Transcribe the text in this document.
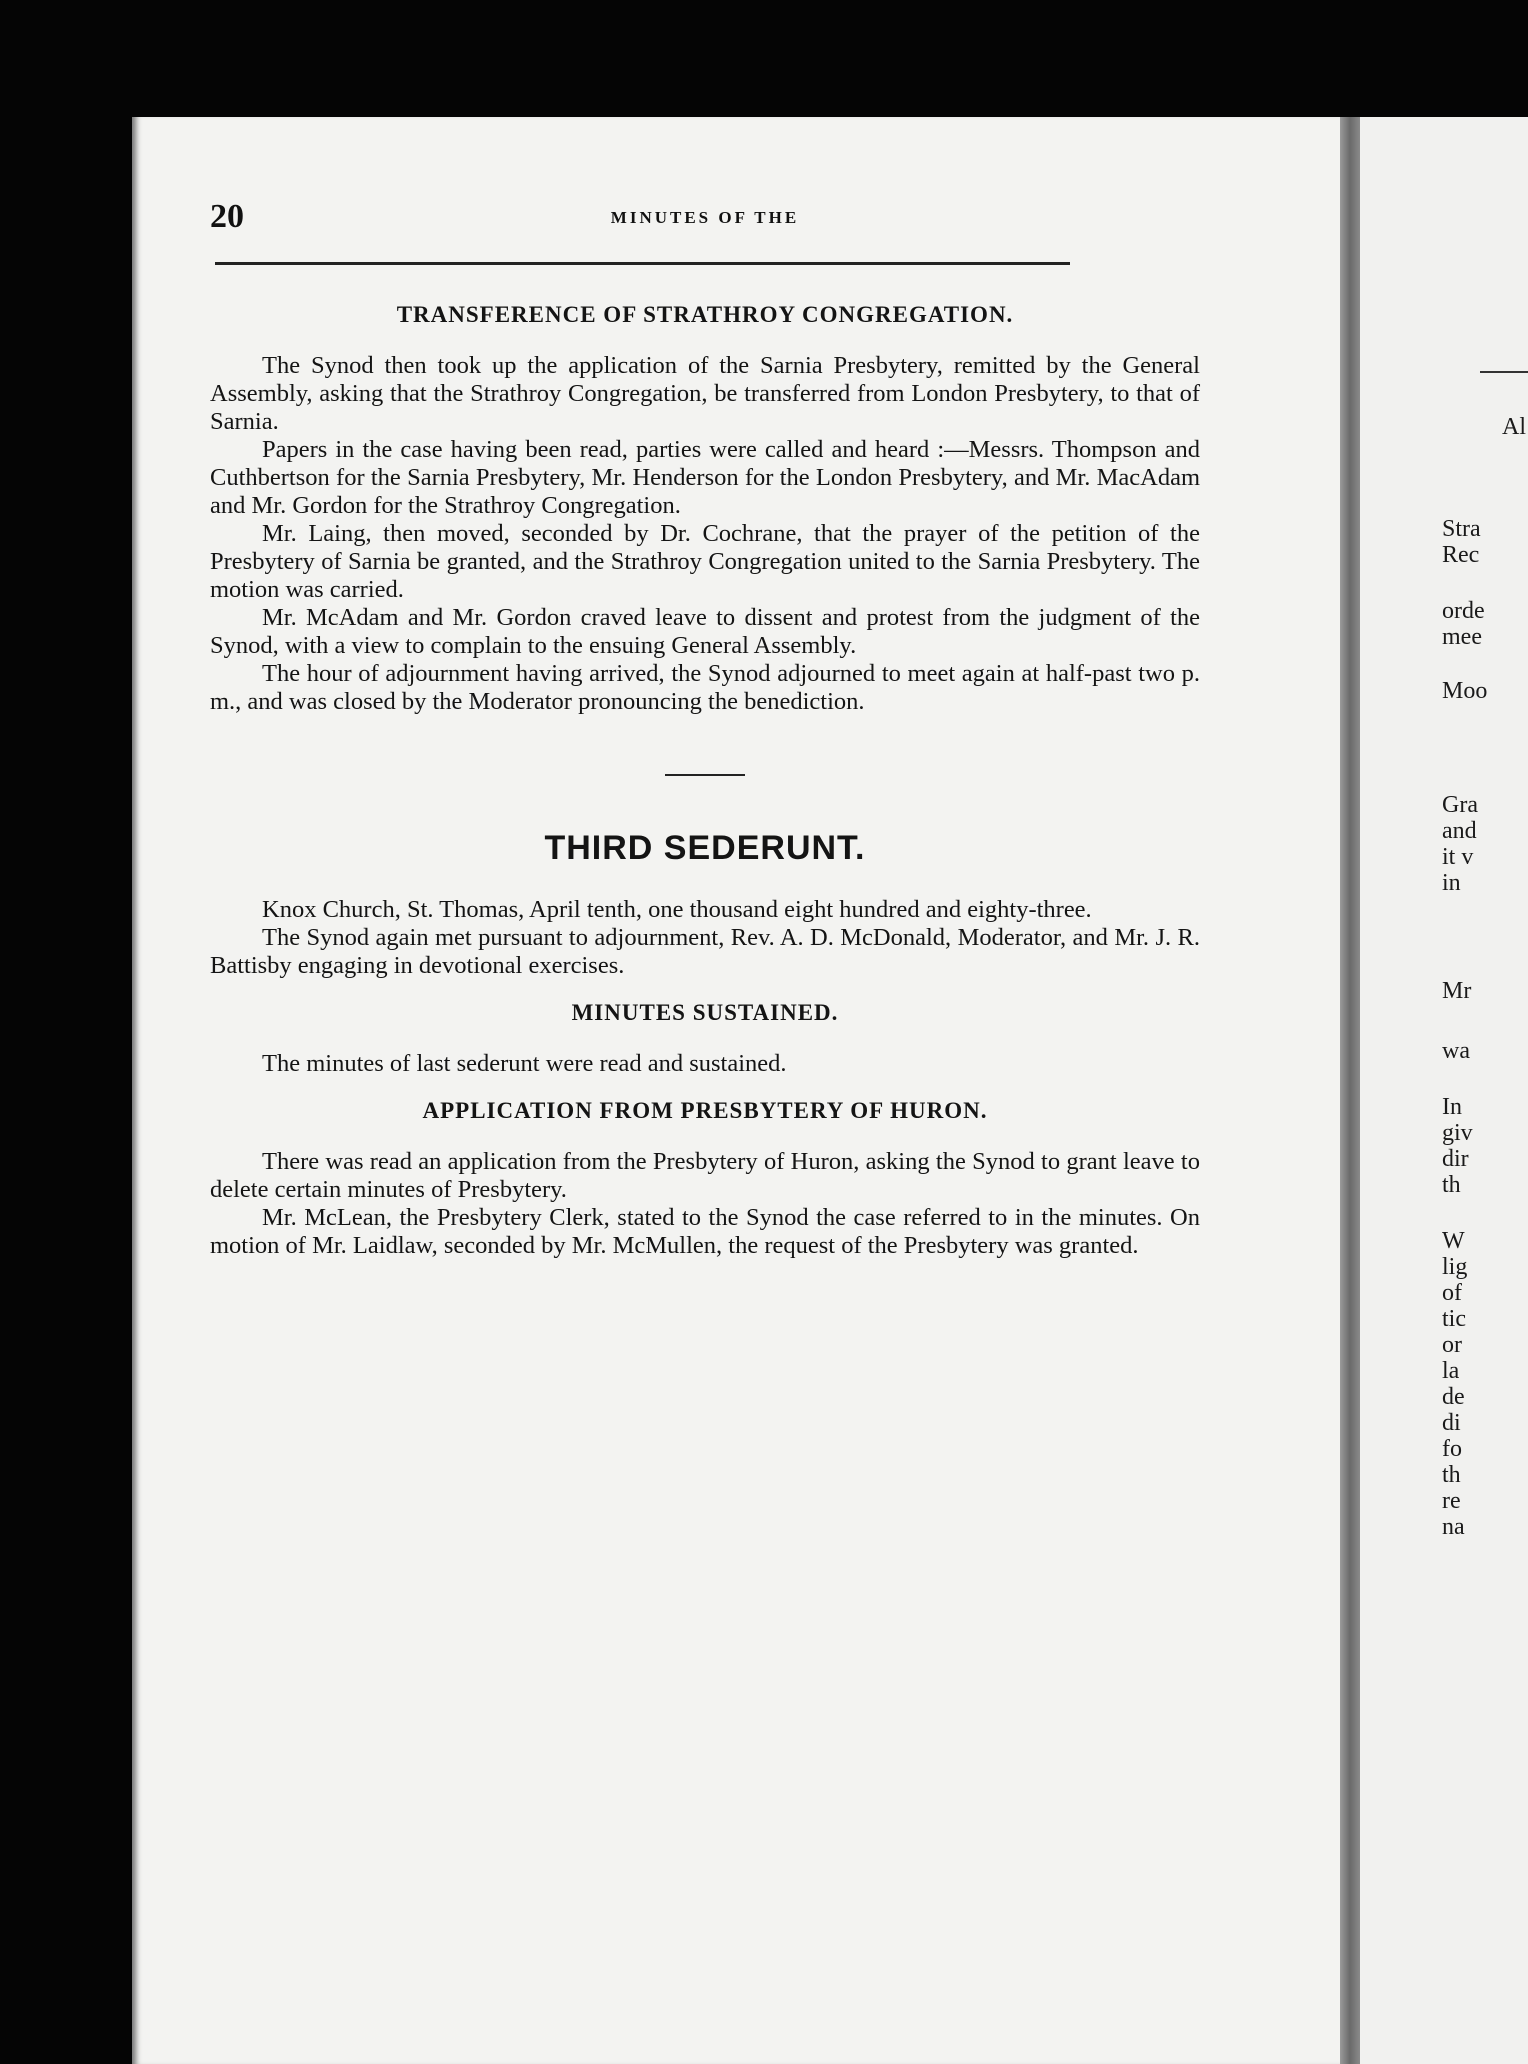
Al
Stra
Rec
orde
mee
Moo
Gra
and
it v
in
Mr
wa
In
giv
dir
th
W
lig
of
tic
or
la
de
di
fo
th
re
na
20	MINUTES OF THE
TRANSFERENCE OF STRATHROY CONGREGATION.

The Synod then took up the application of the Sarnia Presbytery, remitted by the General Assembly, asking that the Strathroy Congregation, be transferred from London Presbytery, to that of Sarnia.

Papers in the case having been read, parties were called and heard :—Messrs. Thompson and Cuthbertson for the Sarnia Presbytery, Mr. Henderson for the London Presbytery, and Mr. MacAdam and Mr. Gordon for the Strathroy Congregation.

Mr. Laing, then moved, seconded by Dr. Cochrane, that the prayer of the petition of the Presbytery of Sarnia be granted, and the Strathroy Congregation united to the Sarnia Presbytery. The motion was carried.

Mr. McAdam and Mr. Gordon craved leave to dissent and protest from the judgment of the Synod, with a view to complain to the ensuing General Assembly.

The hour of adjournment having arrived, the Synod adjourned to meet again at half-past two p. m., and was closed by the Moderator pronouncing the benediction.

THIRD SEDERUNT.

Knox Church, St. Thomas, April tenth, one thousand eight hundred and eighty-three.

The Synod again met pursuant to adjournment, Rev. A. D. McDonald, Moderator, and Mr. J. R. Battisby engaging in devotional exercises.

MINUTES SUSTAINED.

The minutes of last sederunt were read and sustained.

APPLICATION FROM PRESBYTERY OF HURON.

There was read an application from the Presbytery of Huron, asking the Synod to grant leave to delete certain minutes of Presbytery.

Mr. McLean, the Presbytery Clerk, stated to the Synod the case referred to in the minutes. On motion of Mr. Laidlaw, seconded by Mr. McMullen, the request of the Presbytery was granted.
